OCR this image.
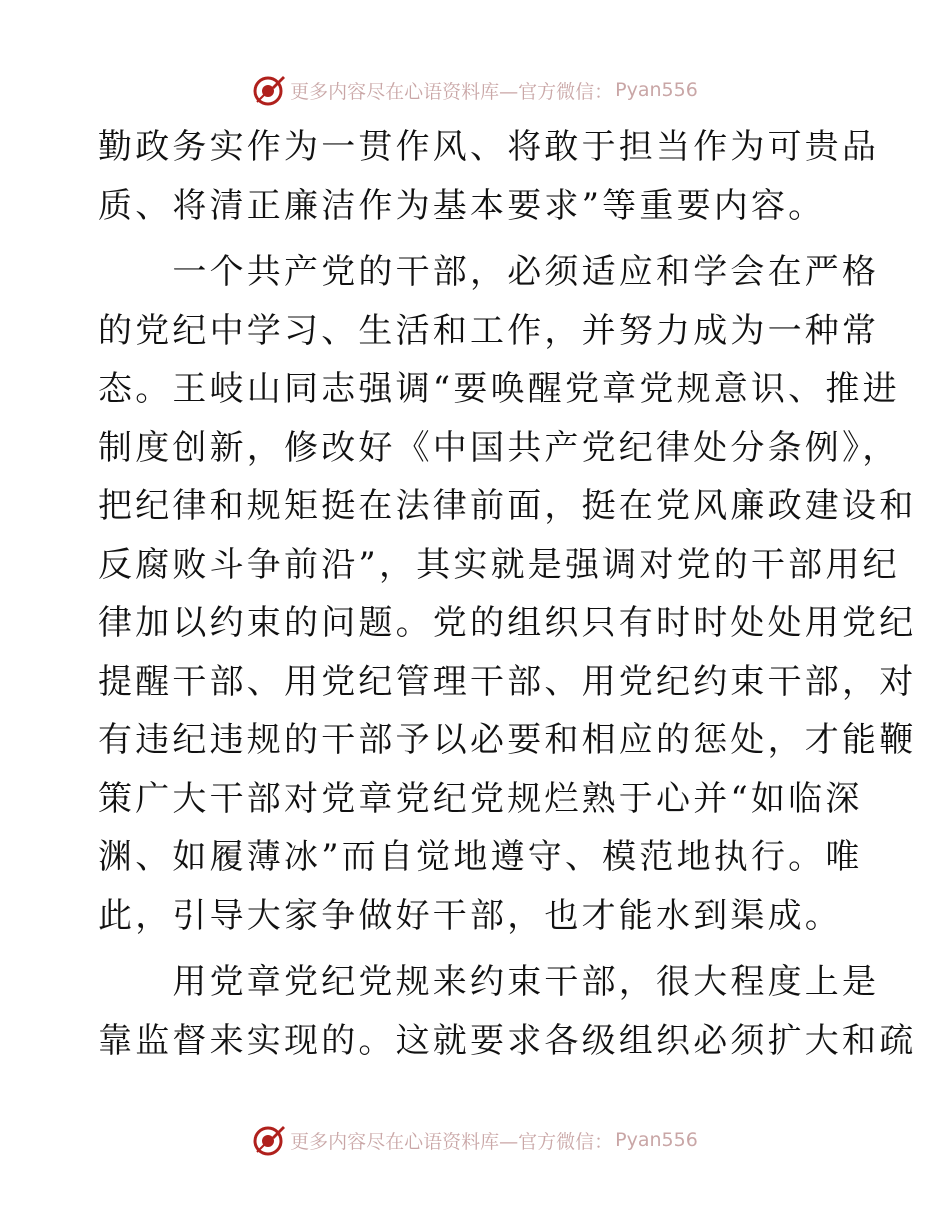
更多内容尽在心语资料库—官方微信： Pyan556
勤政务实作为一贯作风、将敢于担当作为可贵品
质、将清正廉洁作为基本要求”等重要内容。
　　一个共产党的干部，必须适应和学会在严格
的党纪中学习、生活和工作，并努力成为一种常
态。王岐山同志强调“要唤醒党章党规意识、推进
制度创新，修改好《中国共产党纪律处分条例》，
把纪律和规矩挺在法律前面，挺在党风廉政建设和
反腐败斗争前沿”，其实就是强调对党的干部用纪
律加以约束的问题。党的组织只有时时处处用党纪
提醒干部、用党纪管理干部、用党纪约束干部，对
有违纪违规的干部予以必要和相应的惩处，才能鞭
策广大干部对党章党纪党规烂熟于心并“如临深
渊、如履薄冰”而自觉地遵守、模范地执行。唯
此，引导大家争做好干部，也才能水到渠成。
　　用党章党纪党规来约束干部，很大程度上是
靠监督来实现的。这就要求各级组织必须扩大和疏
更多内容尽在心语资料库—官方微信： Pyan556
